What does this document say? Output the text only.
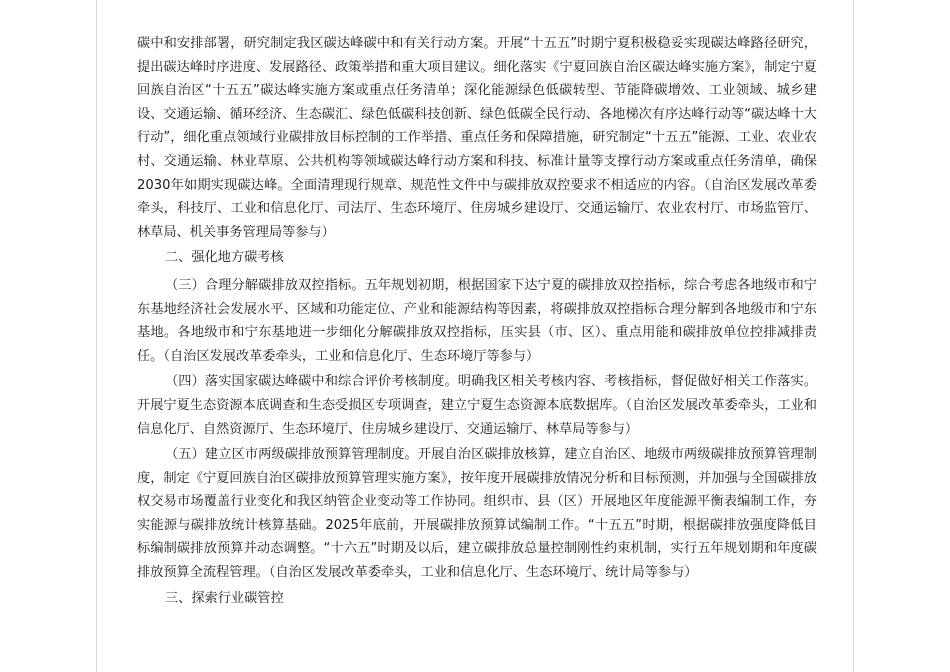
碳中和安排部署，研究制定我区碳达峰碳中和有关行动方案。开展“十五五”时期宁夏积极稳妥实现碳达峰路径研究，提出碳达峰时序进度、发展路径、政策举措和重大项目建议。细化落实《宁夏回族自治区碳达峰实施方案》，制定宁夏回族自治区“十五五”碳达峰实施方案或重点任务清单；深化能源绿色低碳转型、节能降碳增效、工业领域、城乡建设、交通运输、循环经济、生态碳汇、绿色低碳科技创新、绿色低碳全民行动、各地梯次有序达峰行动等“碳达峰十大行动”，细化重点领域行业碳排放目标控制的工作举措、重点任务和保障措施，研究制定“十五五”能源、工业、农业农村、交通运输、林业草原、公共机构等领域碳达峰行动方案和科技、标准计量等支撑行动方案或重点任务清单，确保2030年如期实现碳达峰。全面清理现行规章、规范性文件中与碳排放双控要求不相适应的内容。（自治区发展改革委牵头，科技厅、工业和信息化厅、司法厅、生态环境厅、住房城乡建设厅、交通运输厅、农业农村厅、市场监管厅、林草局、机关事务管理局等参与）

二、强化地方碳考核

（三）合理分解碳排放双控指标。五年规划初期，根据国家下达宁夏的碳排放双控指标，综合考虑各地级市和宁东基地经济社会发展水平、区域和功能定位、产业和能源结构等因素，将碳排放双控指标合理分解到各地级市和宁东基地。各地级市和宁东基地进一步细化分解碳排放双控指标，压实县（市、区）、重点用能和碳排放单位控排减排责任。（自治区发展改革委牵头，工业和信息化厅、生态环境厅等参与）

（四）落实国家碳达峰碳中和综合评价考核制度。明确我区相关考核内容、考核指标，督促做好相关工作落实。开展宁夏生态资源本底调查和生态受损区专项调查，建立宁夏生态资源本底数据库。（自治区发展改革委牵头，工业和信息化厅、自然资源厅、生态环境厅、住房城乡建设厅、交通运输厅、林草局等参与）

（五）建立区市两级碳排放预算管理制度。开展自治区碳排放核算，建立自治区、地级市两级碳排放预算管理制度，制定《宁夏回族自治区碳排放预算管理实施方案》，按年度开展碳排放情况分析和目标预测，并加强与全国碳排放权交易市场覆盖行业变化和我区纳管企业变动等工作协同。组织市、县（区）开展地区年度能源平衡表编制工作，夯实能源与碳排放统计核算基础。2025年底前，开展碳排放预算试编制工作。“十五五”时期，根据碳排放强度降低目标编制碳排放预算并动态调整。“十六五”时期及以后，建立碳排放总量控制刚性约束机制，实行五年规划期和年度碳排放预算全流程管理。（自治区发展改革委牵头，工业和信息化厅、生态环境厅、统计局等参与）

三、探索行业碳管控
